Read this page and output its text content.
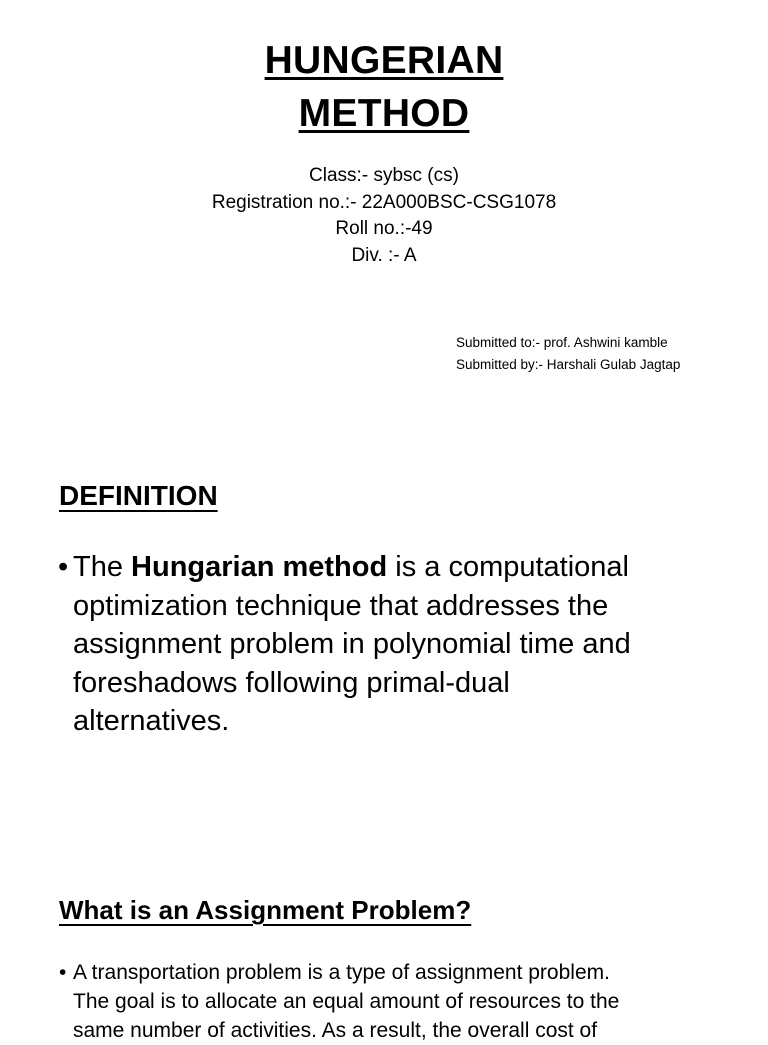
HUNGERIAN
METHOD
Class:- sybsc (cs)
Registration no.:- 22A000BSC-CSG1078
Roll no.:-49
Div. :- A
Submitted to:- prof. Ashwini kamble
Submitted by:- Harshali Gulab Jagtap
DEFINITION
• The Hungarian method is a computational
optimization technique that addresses the
assignment problem in polynomial time and
foreshadows following primal-dual
alternatives.
What is an Assignment Problem?
• A transportation problem is a type of assignment problem.
The goal is to allocate an equal amount of resources to the
same number of activities. As a result, the overall cost of
